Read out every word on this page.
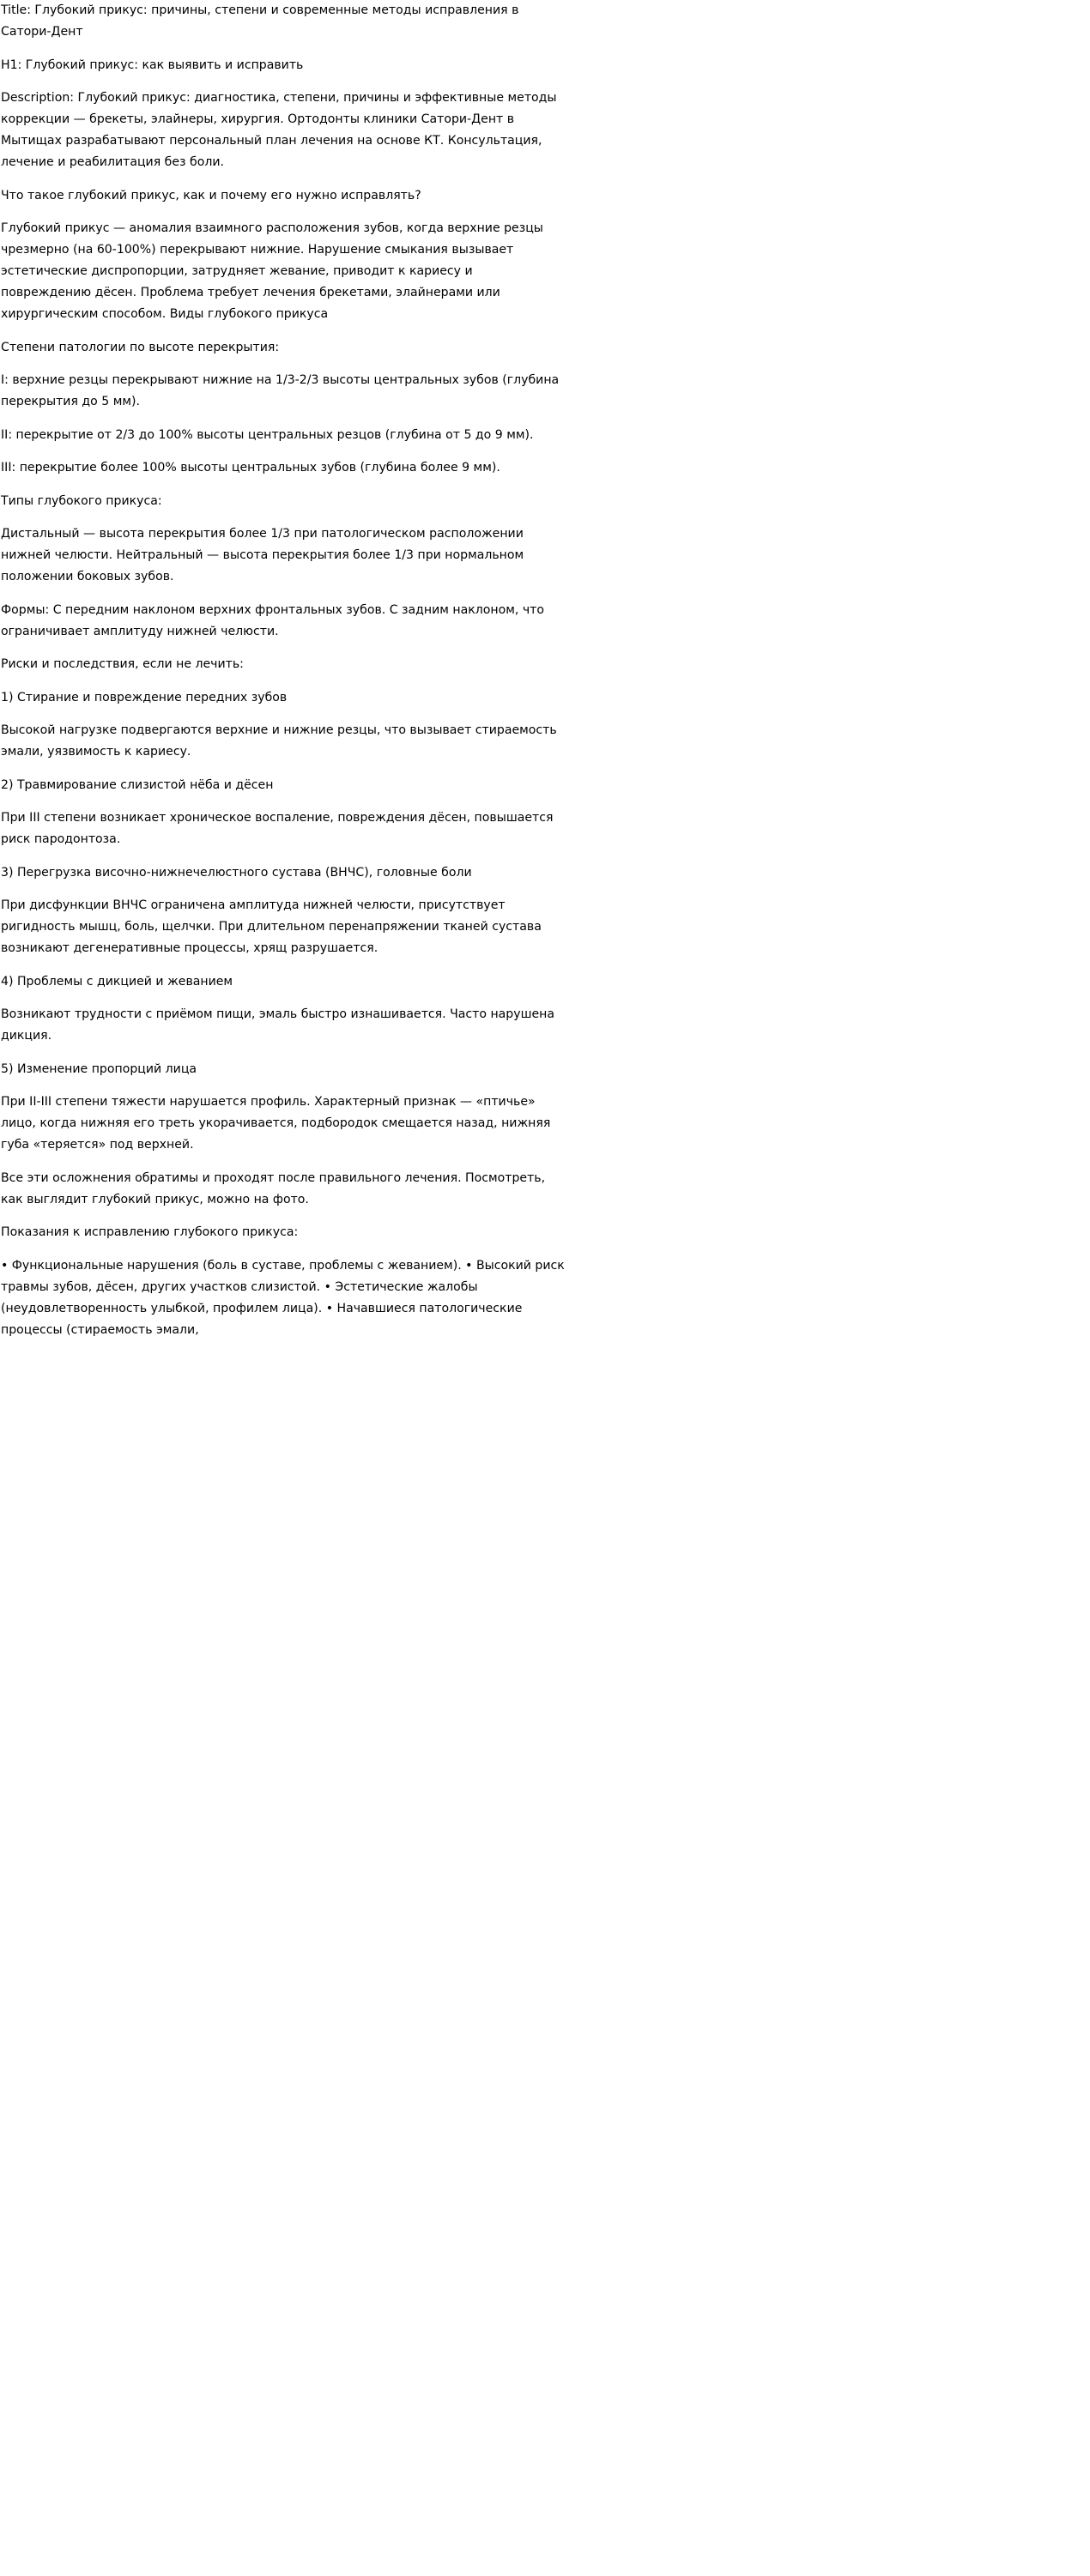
Title: Глубокий прикус: причины, степени и современные методы исправления в Сатори-Дент

H1: Глубокий прикус: как выявить и исправить

Description: Глубокий прикус: диагностика, степени, причины и эффективные методы коррекции — брекеты, элайнеры, хирургия. Ортодонты клиники Сатори-Дент в Мытищах разрабатывают персональный план лечения на основе КТ. Консультация, лечение и реабилитация без боли.

Что такое глубокий прикус, как и почему его нужно исправлять?

Глубокий прикус — аномалия взаимного расположения зубов, когда верхние резцы чрезмерно (на 60-100%) перекрывают нижние. Нарушение смыкания вызывает эстетические диспропорции, затрудняет жевание, приводит к кариесу и повреждению дёсен. Проблема требует лечения брекетами, элайнерами или хирургическим способом. Виды глубокого прикуса

Степени патологии по высоте перекрытия:

I: верхние резцы перекрывают нижние на 1/3-2/3 высоты центральных зубов (глубина перекрытия до 5 мм).

II: перекрытие от 2/3 до 100% высоты центральных резцов (глубина от 5 до 9 мм).

III: перекрытие более 100% высоты центральных зубов (глубина более 9 мм).

Типы глубокого прикуса:

Дистальный — высота перекрытия более 1/3 при патологическом расположении нижней челюсти. Нейтральный — высота перекрытия более 1/3 при нормальном положении боковых зубов.

Формы: С передним наклоном верхних фронтальных зубов. С задним наклоном, что ограничивает амплитуду нижней челюсти.

Риски и последствия, если не лечить:

1) Стирание и повреждение передних зубов

Высокой нагрузке подвергаются верхние и нижние резцы, что вызывает стираемость эмали, уязвимость к кариесу.

2) Травмирование слизистой нёба и дёсен

При III степени возникает хроническое воспаление, повреждения дёсен, повышается риск пародонтоза.

3) Перегрузка височно-нижнечелюстного сустава (ВНЧС), головные боли

При дисфункции ВНЧС ограничена амплитуда нижней челюсти, присутствует ригидность мышц, боль, щелчки. При длительном перенапряжении тканей сустава возникают дегенеративные процессы, хрящ разрушается.

4) Проблемы с дикцией и жеванием

Возникают трудности с приёмом пищи, эмаль быстро изнашивается. Часто нарушена дикция.

5) Изменение пропорций лица

При II-III степени тяжести нарушается профиль. Характерный признак — «птичье» лицо, когда нижняя его треть укорачивается, подбородок смещается назад, нижняя губа «теряется» под верхней.

Все эти осложнения обратимы и проходят после правильного лечения. Посмотреть, как выглядит глубокий прикус, можно на фото.

Показания к исправлению глубокого прикуса:

• Функциональные нарушения (боль в суставе, проблемы с жеванием). • Высокий риск травмы зубов, дёсен, других участков слизистой. • Эстетические жалобы (неудовлетворенность улыбкой, профилем лица). • Начавшиеся патологические процессы (стираемость эмали,
